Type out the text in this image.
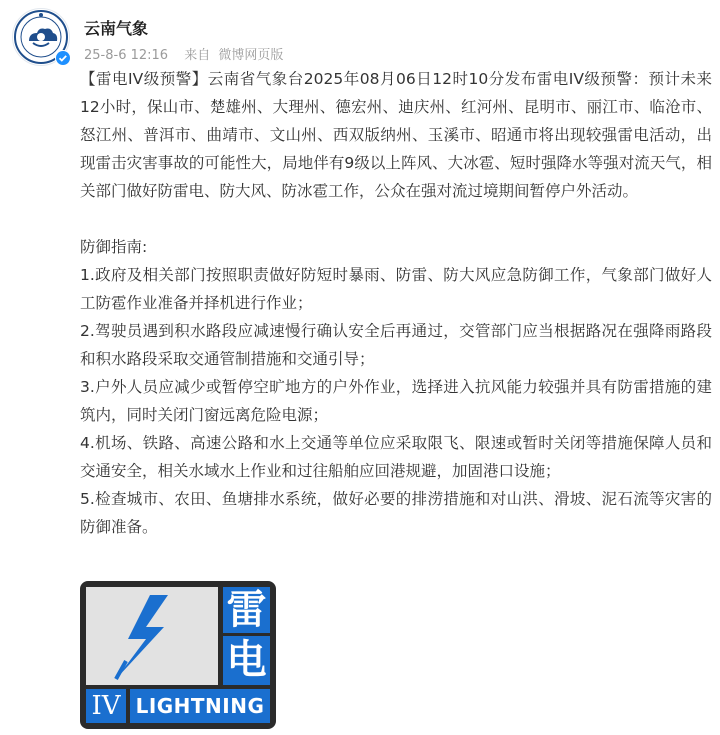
云南气象
25-8-6 12:16 来自 微博网页版

【雷电IV级预警】云南省气象台2025年08月06日12时10分发布雷电IV级预警：预计未来12小时，保山市、楚雄州、大理州、德宏州、迪庆州、红河州、昆明市、丽江市、临沧市、怒江州、普洱市、曲靖市、文山州、西双版纳州、玉溪市、昭通市将出现较强雷电活动，出现雷击灾害事故的可能性大，局地伴有9级以上阵风、大冰雹、短时强降水等强对流天气，相关部门做好防雷电、防大风、防冰雹工作，公众在强对流过境期间暂停户外活动。

防御指南:

1.政府及相关部门按照职责做好防短时暴雨、防雷、防大风应急防御工作，气象部门做好人工防雹作业准备并择机进行作业；

2.驾驶员遇到积水路段应减速慢行确认安全后再通过，交管部门应当根据路况在强降雨路段和积水路段采取交通管制措施和交通引导；

3.户外人员应减少或暂停空旷地方的户外作业，选择进入抗风能力较强并具有防雷措施的建筑内，同时关闭门窗远离危险电源；

4.机场、铁路、高速公路和水上交通等单位应采取限飞、限速或暂时关闭等措施保障人员和交通安全，相关水域水上作业和过往船舶应回港规避，加固港口设施；

5.检查城市、农田、鱼塘排水系统，做好必要的排涝措施和对山洪、滑坡、泥石流等灾害的防御准备。

雷
电
IV LIGHTNING
